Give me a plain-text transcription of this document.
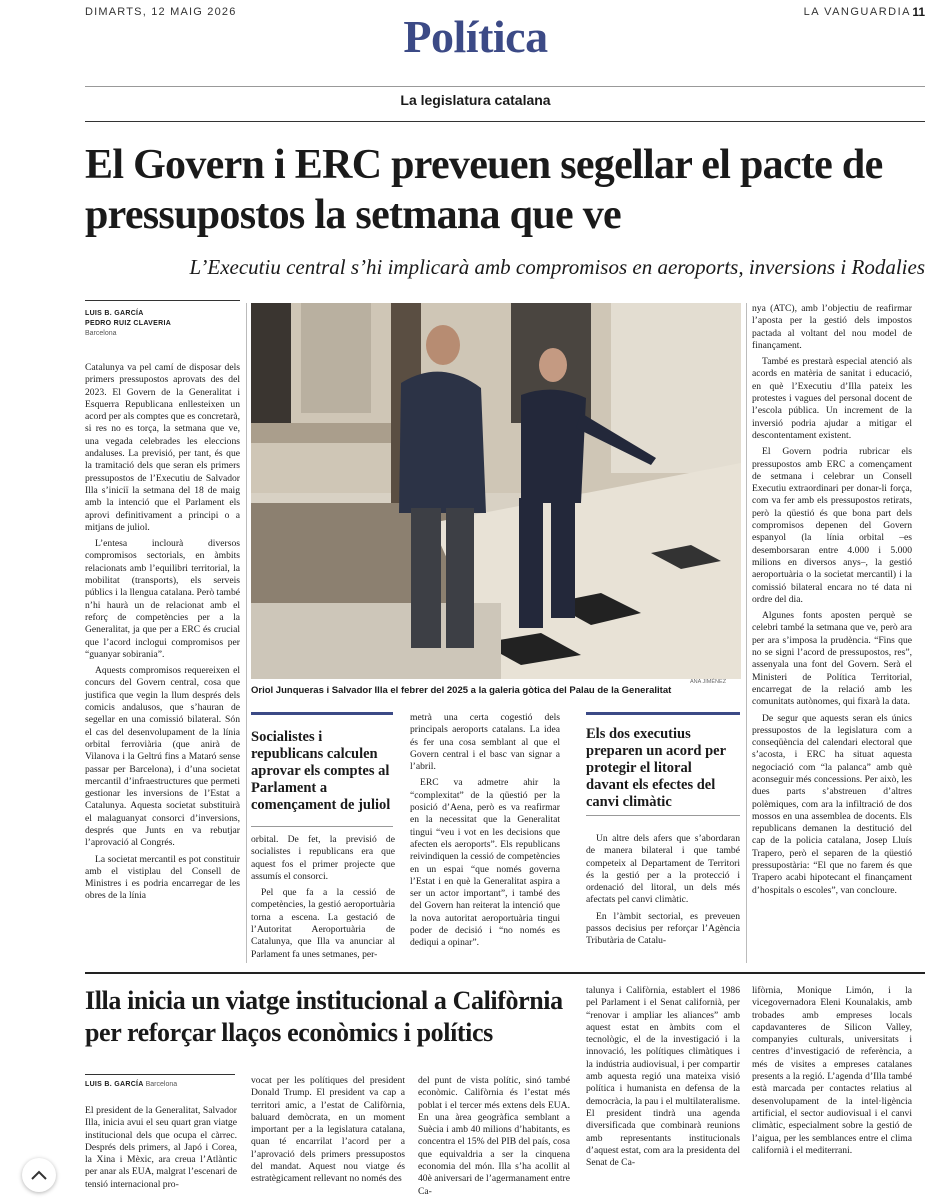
DIMARTS, 12 MAIG 2026	LA VANGUARDIA 11
Política
La legislatura catalana
El Govern i ERC preveuen segellar el pacte de pressupostos la setmana que ve
L’Executiu central s’hi implicarà amb compromisos en aeroports, inversions i Rodalies
LUIS B. GARCÍA
PEDRO RUIZ CLAVERIA
Barcelona

Catalunya va pel camí de disposar dels primers pressupostos aprovats des del 2023. El Govern de la Generalitat i Esquerra Republicana enllesteixen un acord per als comptes que es concretarà, si res no es torça, la setmana que ve, una vegada celebrades les eleccions andaluses. La previsió, per tant, és que la tramitació dels que seran els primers pressupostos de l’Executiu de Salvador Illa s’iniciï la setmana del 18 de maig amb la intenció que el Parlament els aprovi definitivament a principi o a mitjans de juliol.

L’entesa inclourà diversos compromisos sectorials, en àmbits relacionats amb l’equilibri territorial, la mobilitat (transports), els serveis públics i la llengua catalana. Però també n’hi haurà un de relacionat amb el reforç de competències per a la Generalitat, ja que per a ERC és crucial que l’acord inclogui compromisos per “guanyar sobirania”.

Aquests compromisos requereixen el concurs del Govern central, cosa que justifica que vegin la llum després dels comicis andalusos, que s’hauran de segellar en una comissió bilateral. Són el cas del desenvolupament de la línia orbital ferroviària (que anirà de Vilanova i la Geltrú fins a Mataró sense passar per Barcelona), i d’una societat mercantil d’infraestructures que permeti gestionar les inversions de l’Estat a Catalunya. Aquesta societat substituirà el malaguanyat consorci d’inversions, després que Junts en va rebutjar l’aprovació al Congrés.

La societat mercantil es pot constituir amb el vistiplau del Consell de Ministres i es podria encarregar de les obres de la línia

ANA JIMÉNEZ
Oriol Junqueras i Salvador Illa el febrer del 2025 a la galeria gòtica del Palau de la Generalitat
Socialistes i republicans calculen aprovar els comptes al Parlament a començament de juliol

orbital. De fet, la previsió de socialistes i republicans era que aquest fos el primer projecte que assumís el consorci.

Pel que fa a la cessió de competències, la gestió aeroportuària torna a escena. La gestació de l’Autoritat Aeroportuària de Catalunya, que Illa va anunciar al Parlament fa unes setmanes, per-

metrà una certa cogestió dels principals aeroports catalans. La idea és fer una cosa semblant al que el Govern central i el basc van signar a l’abril.

ERC va admetre ahir la “complexitat” de la qüestió per la posició d’Aena, però es va reafirmar en la necessitat que la Generalitat tingui “veu i vot en les decisions que afecten els aeroports”. Els republicans reivindiquen la cessió de competències en un espai “que només governa l’Estat i en què la Generalitat aspira a ser un actor important”, i també des del Govern han reiterat la intenció que la nova autoritat aeroportuària tingui poder de decisió i “no només es dediqui a opinar”.

Els dos executius preparen un acord per protegir el litoral davant els efectes del canvi climàtic

Un altre dels afers que s’abordaran de manera bilateral i que també competeix al Departament de Territori és la gestió per a la protecció i ordenació del litoral, un dels més afectats pel canvi climàtic.

En l’àmbit sectorial, es preveuen passos decisius per reforçar l’Agència Tributària de Catalu-

nya (ATC), amb l’objectiu de reafirmar l’aposta per la gestió dels impostos pactada al voltant del nou model de finançament.

També es prestarà especial atenció als acords en matèria de sanitat i educació, en què l’Executiu d’Illa pateix les protestes i vagues del personal docent de l’escola pública. Un increment de la inversió podria ajudar a mitigar el descontentament existent.

El Govern podria rubricar els pressupostos amb ERC a començament de setmana i celebrar un Consell Executiu extraordinari per donar-li força, com va fer amb els pressupostos retirats, però la qüestió és que bona part dels compromisos depenen del Govern espanyol (la línia orbital –es desemborsaran entre 4.000 i 5.000 milions en diversos anys–, la gestió aeroportuària o la societat mercantil) i la comissió bilateral encara no té data ni ordre del dia.

Algunes fonts aposten perquè se celebri també la setmana que ve, però ara per ara s’imposa la prudència. “Fins que no se signi l’acord de pressupostos, res”, assenyala una font del Govern. Serà el Ministeri de Política Territorial, encarregat de la relació amb les comunitats autònomes, qui fixarà la data.

De segur que aquests seran els únics pressupostos de la legislatura com a conseqüència del calendari electoral que s’acosta, i ERC ha situat aquesta negociació com “la palanca” amb què aconseguir més concessions. Per això, les dues parts s’abstreuen d’altres polèmiques, com ara la infiltració de dos mossos en una assemblea de docents. Els republicans demanen la destitució del cap de la policia catalana, Josep Lluís Trapero, però el separen de la qüestió pressupostària: “El que no farem és que Trapero acabi hipotecant el finançament d’hospitals o escoles”, van concloure.

Illa inicia un viatge institucional a Califòrnia per reforçar llaços econòmics i polítics
LUIS B. GARCÍA Barcelona

El president de la Generalitat, Salvador Illa, inicia avui el seu quart gran viatge institucional dels que ocupa el càrrec. Després dels primers, al Japó i Corea, la Xina i Mèxic, ara creua l’Atlàntic per anar als EUA, malgrat l’escenari de tensió internacional pro-

vocat per les polítiques del president Donald Trump. El president va cap a territori amic, a l’estat de Califòrnia, baluard demòcrata, en un moment important per a la legislatura catalana, quan té encarrilat l’acord per a l’aprovació dels primers pressupostos del mandat. Aquest nou viatge és estratègicament rellevant no només des

del punt de vista polític, sinó també econòmic. Califòrnia és l’estat més poblat i el tercer més extens dels EUA. En una àrea geogràfica semblant a Suècia i amb 40 milions d’habitants, es concentra el 15% del PIB del país, cosa que equivaldria a ser la cinquena economia del món. Illa s’ha acollit al 40è aniversari de l’agermanament entre Ca-

talunya i Califòrnia, establert el 1986 pel Parlament i el Senat californià, per “renovar i ampliar les aliances” amb aquest estat en àmbits com el tecnològic, el de la investigació i la innovació, les polítiques climàtiques i la indústria audiovisual, i per compartir amb aquesta regió una mateixa visió política i humanista en defensa de la democràcia, la pau i el multilateralisme. El president tindrà una agenda diversificada que combinarà reunions amb representants institucionals d’aquest estat, com ara la presidenta del Senat de Ca-

lifòrnia, Monique Limón, i la vicegovernadora Eleni Kounalakis, amb trobades amb empreses locals capdavanteres de Silicon Valley, companyies culturals, universitats i centres d’investigació de referència, a més de visites a empreses catalanes presents a la regió. L’agenda d’Illa també està marcada per contactes relatius al desenvolupament de la intel·ligència artificial, el sector audiovisual i el canvi climàtic, especialment sobre la gestió de l’aigua, per les semblances entre el clima californià i el mediterrani.
